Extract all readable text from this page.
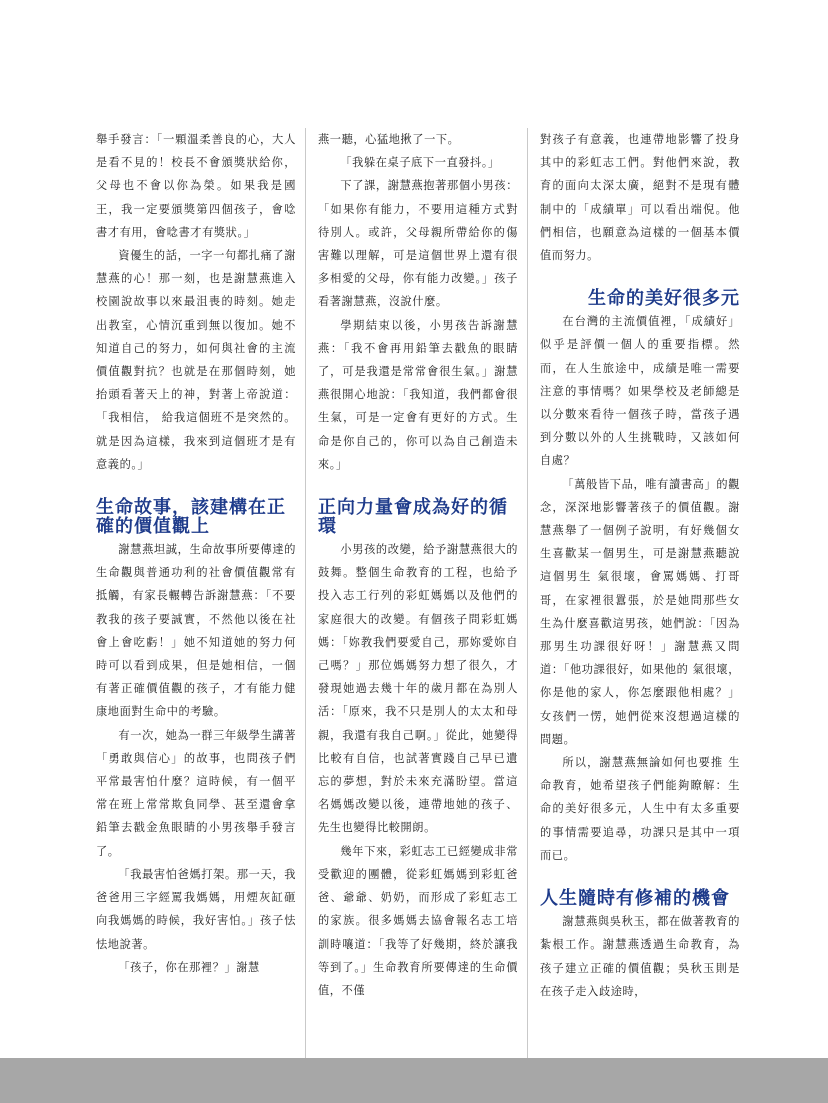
舉手發言：「一顆溫柔善良的心，大人是看不見的！校長不會頒獎狀給你，父母也不會以你為榮。如果我是國王，我一定要頒獎第四個孩子，會唸書才有用，會唸書才有獎狀。」

資優生的話，一字一句都扎痛了謝慧燕的心！那一刻，也是謝慧燕進入校園說故事以來最沮喪的時刻。她走出教室，心情沉重到無以復加。她不知道自己的努力，如何與社會的主流價值觀對抗？也就是在那個時刻，她抬頭看著天上的神，對著上帝說道：「我相信， 給我這個班不是突然的。就是因為這樣，我來到這個班才是有意義的。」

生命故事，該建構在正確的價值觀上

謝慧燕坦誠，生命故事所要傳達的生命觀與普通功利的社會價值觀常有抵觸，有家長輾轉告訴謝慧燕：「不要教我的孩子要誠實，不然他以後在社會上會吃虧！」她不知道她的努力何時可以看到成果，但是她相信，一個有著正確價值觀的孩子，才有能力健康地面對生命中的考驗。

有一次，她為一群三年級學生講著「勇敢與信心」的故事，也問孩子們平常最害怕什麼？這時候，有一個平常在班上常常欺負同學、甚至還會拿鉛筆去戳金魚眼睛的小男孩舉手發言了。

「我最害怕爸媽打架。那一天，我爸爸用三字經罵我媽媽，用煙灰缸砸向我媽媽的時候，我好害怕。」孩子怯怯地說著。

「孩子，你在那裡？」謝慧

燕一聽，心猛地揪了一下。

「我躲在桌子底下一直發抖。」

下了課，謝慧燕抱著那個小男孩：「如果你有能力，不要用這種方式對待別人。或許，父母親所帶給你的傷害難以理解，可是這個世界上還有很多相愛的父母，你有能力改變。」孩子看著謝慧燕，沒說什麼。

學期結束以後，小男孩告訴謝慧燕：「我不會再用鉛筆去戳魚的眼睛了，可是我還是常常會很生氣。」謝慧燕很開心地說：「我知道，我們都會很生氣，可是一定會有更好的方式。生命是你自己的，你可以為自己創造未來。」

正向力量會成為好的循環

小男孩的改變，給予謝慧燕很大的鼓舞。整個生命教育的工程，也給予投入志工行列的彩虹媽媽以及他們的家庭很大的改變。有個孩子問彩虹媽媽：「妳教我們要愛自己，那妳愛妳自己嗎？」那位媽媽努力想了很久，才發現她過去幾十年的歲月都在為別人活：「原來，我不只是別人的太太和母親，我還有我自己啊。」從此，她變得比較有自信，也試著實踐自己早已遺忘的夢想，對於未來充滿盼望。當這名媽媽改變以後，連帶地她的孩子、先生也變得比較開朗。

幾年下來，彩虹志工已經變成非常受歡迎的團體，從彩虹媽媽到彩虹爸爸、爺爺、奶奶，而形成了彩虹志工的家族。很多媽媽去協會報名志工培訓時嚷道：「我等了好幾期，終於讓我等到了。」生命教育所要傳達的生命價值，不僅

對孩子有意義，也連帶地影響了投身其中的彩虹志工們。對他們來說，教育的面向太深太廣，絕對不是現有體制中的「成績單」可以看出端倪。他們相信，也願意為這樣的一個基本價值而努力。

生命的美好很多元

在台灣的主流價值裡，「成績好」似乎是評價一個人的重要指標。然而，在人生旅途中，成績是唯一需要注意的事情嗎？如果學校及老師總是以分數來看待一個孩子時，當孩子遇到分數以外的人生挑戰時，又該如何自處？

「萬般皆下品，唯有讀書高」的觀念，深深地影響著孩子的價值觀。謝慧燕舉了一個例子說明，有好幾個女生喜歡某一個男生，可是謝慧燕聽說這個男生 氣很壞，會罵媽媽、打哥哥，在家裡很囂張，於是她問那些女生為什麼喜歡這男孩，她們說：「因為那男生功課很好呀！」謝慧燕又問道：「他功課很好，如果他的 氣很壞，你是他的家人，你怎麼跟他相處？」女孩們一愣，她們從來沒想過這樣的問題。

所以，謝慧燕無論如何也要推 生命教育，她希望孩子們能夠瞭解：生命的美好很多元，人生中有太多重要的事情需要追尋，功課只是其中一項而已。

人生隨時有修補的機會

謝慧燕與吳秋玉，都在做著教育的紮根工作。謝慧燕透過生命教育，為孩子建立正確的價值觀；吳秋玉則是在孩子走入歧途時，
